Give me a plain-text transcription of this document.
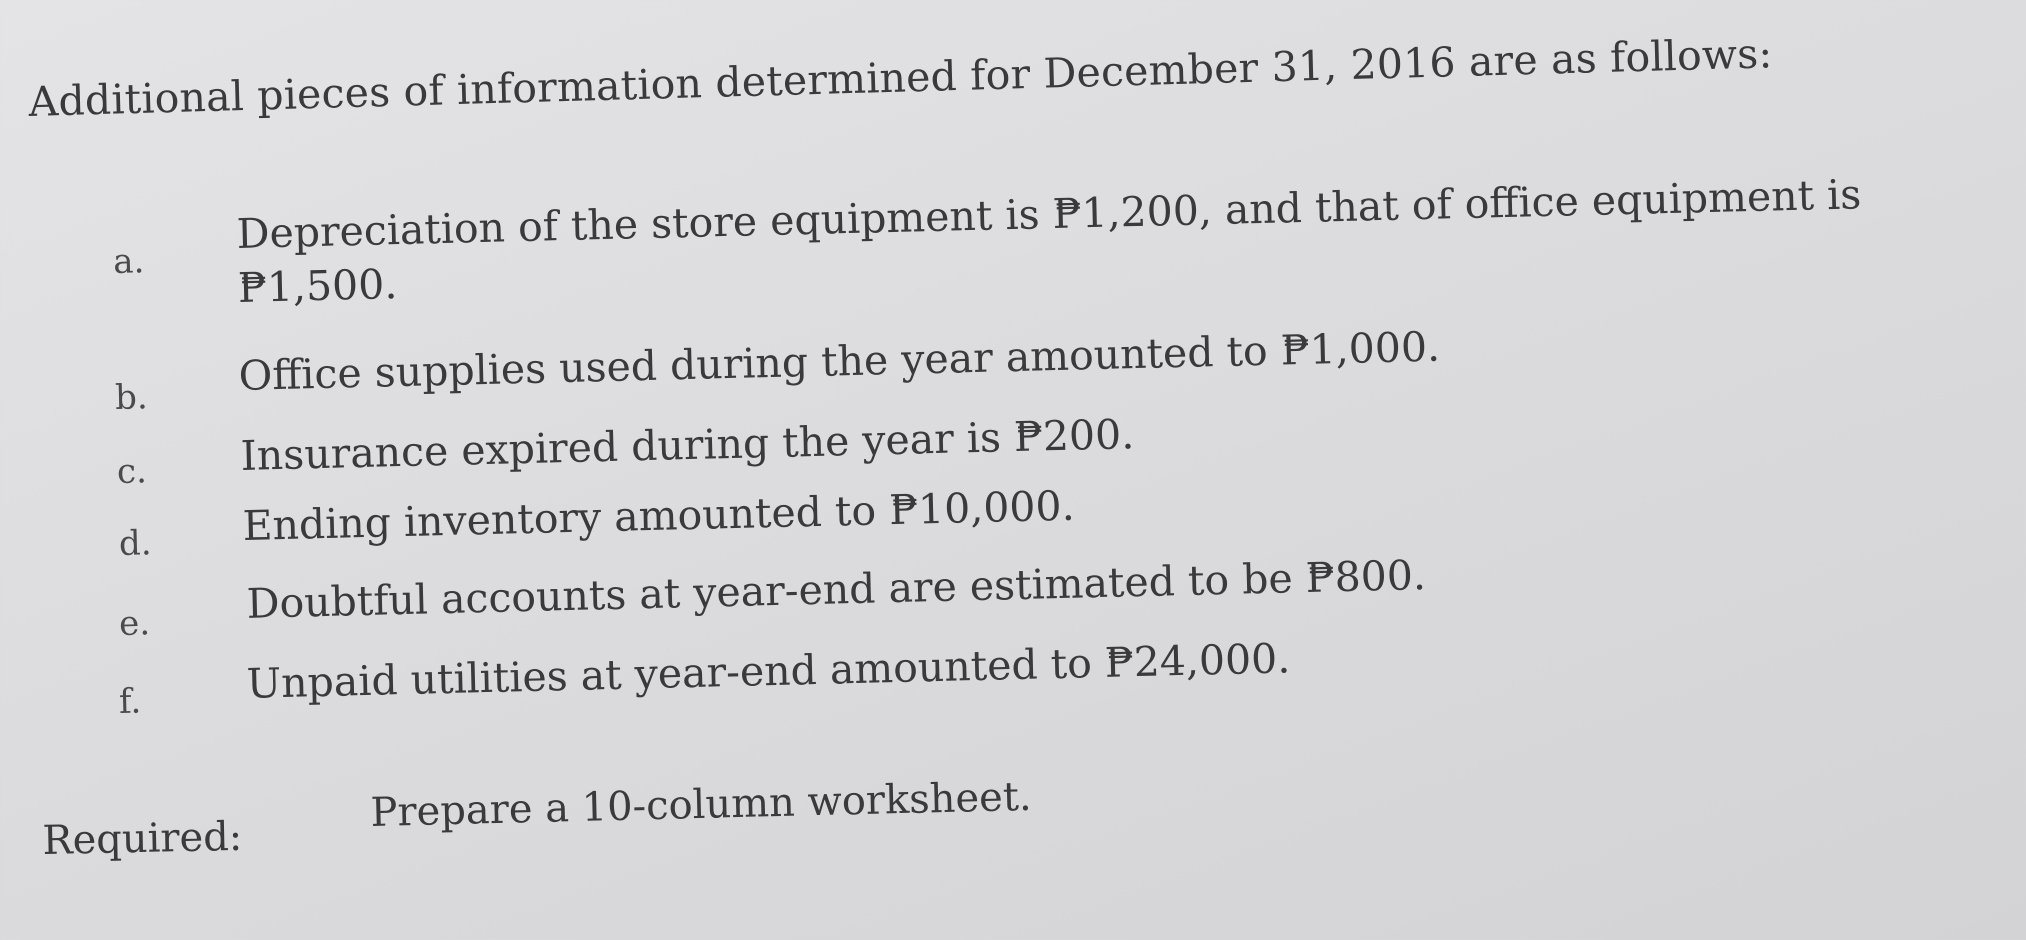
Additional pieces of information determined for December 31, 2016 are as follows:
a.
Depreciation of the store equipment is ₱1,200, and that of office equipment is ₱1,500.
b.	Office supplies used during the year amounted to ₱1,000.
c.	Insurance expired during the year is ₱200.
d.	Ending inventory amounted to ₱10,000.
e.	Doubtful accounts at year-end are estimated to be ₱800.
f.	Unpaid utilities at year-end amounted to ₱24,000.
Required:
Prepare a 10-column worksheet.
